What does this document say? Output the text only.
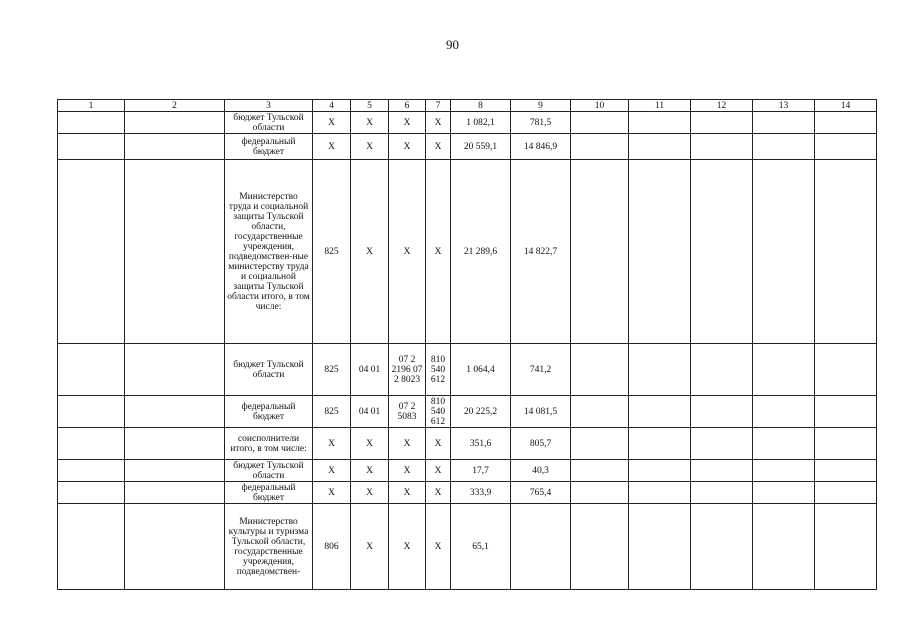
90
1	2	3	4	5	6	7	8	9	10	11	12	13	14
		бюджет Тульской области	Х	Х	Х	Х	1 082,1	781,5					
		федеральный бюджет	Х	Х	Х	Х	20 559,1	14 846,9					
		Министерство труда и социальной защиты Тульской области, государственные учреждения, подведомствен-ные министерству труда и социальной защиты Тульской области итого, в том числе:	825	Х	Х	Х	21 289,6	14 822,7					
		бюджет Тульской области	825	04 01	07 2 2196 07 2 8023	810 540 612	1 064,4	741,2					
		федеральный бюджет	825	04 01	07 2 5083	810 540 612	20 225,2	14 081,5					
		соисполнители итого, в том числе:	Х	Х	Х	Х	351,6	805,7					
		бюджет Тульской области	Х	Х	Х	Х	17,7	40,3					
		федеральный бюджет	Х	Х	Х	Х	333,9	765,4					
		Министерство культуры и туризма Тульской области, государственные учреждения, подведомствен-	806	Х	Х	Х	65,1						
